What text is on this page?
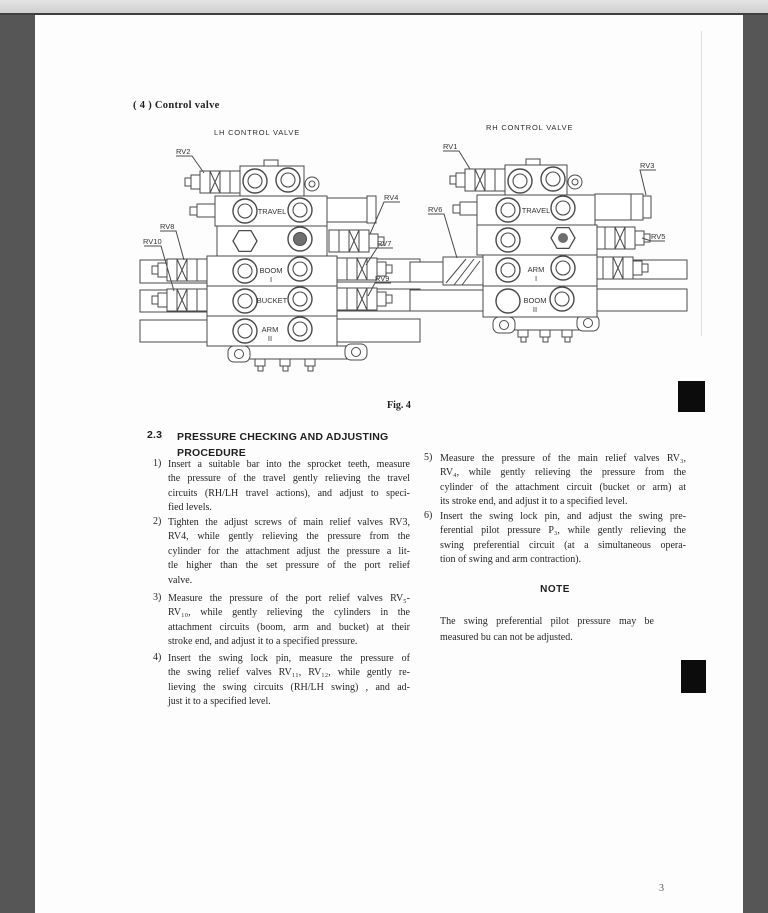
( 4 ) Control valve
LH CONTROL VALVE
RH CONTROL VALVE
RV2
RV4
RV7
RV9
RV8
RV10
TRAVEL
BOOM
I
BUCKET
ARM
II
RV1
RV3
RV6
RV5
TRAVEL
ARM
I
BOOM
II
Fig. 4
2.3 PRESSURE CHECKING AND ADJUSTING
PROCEDURE
1) Insert a suitable bar into the sprocket teeth, measure
the pressure of the travel gently relieving the travel
circuits (RH/LH travel actions), and adjust to speci-
fied levels.
2) Tighten the adjust screws of main relief valves RV3,
RV4, while gently relieving the pressure from the
cylinder for the attachment adjust the pressure a lit-
tle higher than the set pressure of the port relief
valve.
3) Measure the pressure of the port relief valves RV₅-
RV₁₀, while gently relieving the cylinders in the
attachment circuits (boom, arm and bucket) at their
stroke end, and adjust it to a specified pressure.
4) Insert the swing lock pin, measure the pressure of
the swing relief valves RV₁₁, RV₁₂, while gently re-
lieving the swing circuits (RH/LH swing) , and ad-
just it to a specified level.
5) Measure the pressure of the main relief valves RV₃,
RV₄, while gently relieving the pressure from the
cylinder of the attachment circuit (bucket or arm) at
its stroke end, and adjust it to a specified level.
6) Insert the swing lock pin, and adjust the swing pre-
ferential pilot pressure P₃, while gently relieving the
swing preferential circuit (at a simultaneous opera-
tion of swing and arm contraction).
NOTE
The swing preferential pilot pressure may be
measured bu can not be adjusted.
3
